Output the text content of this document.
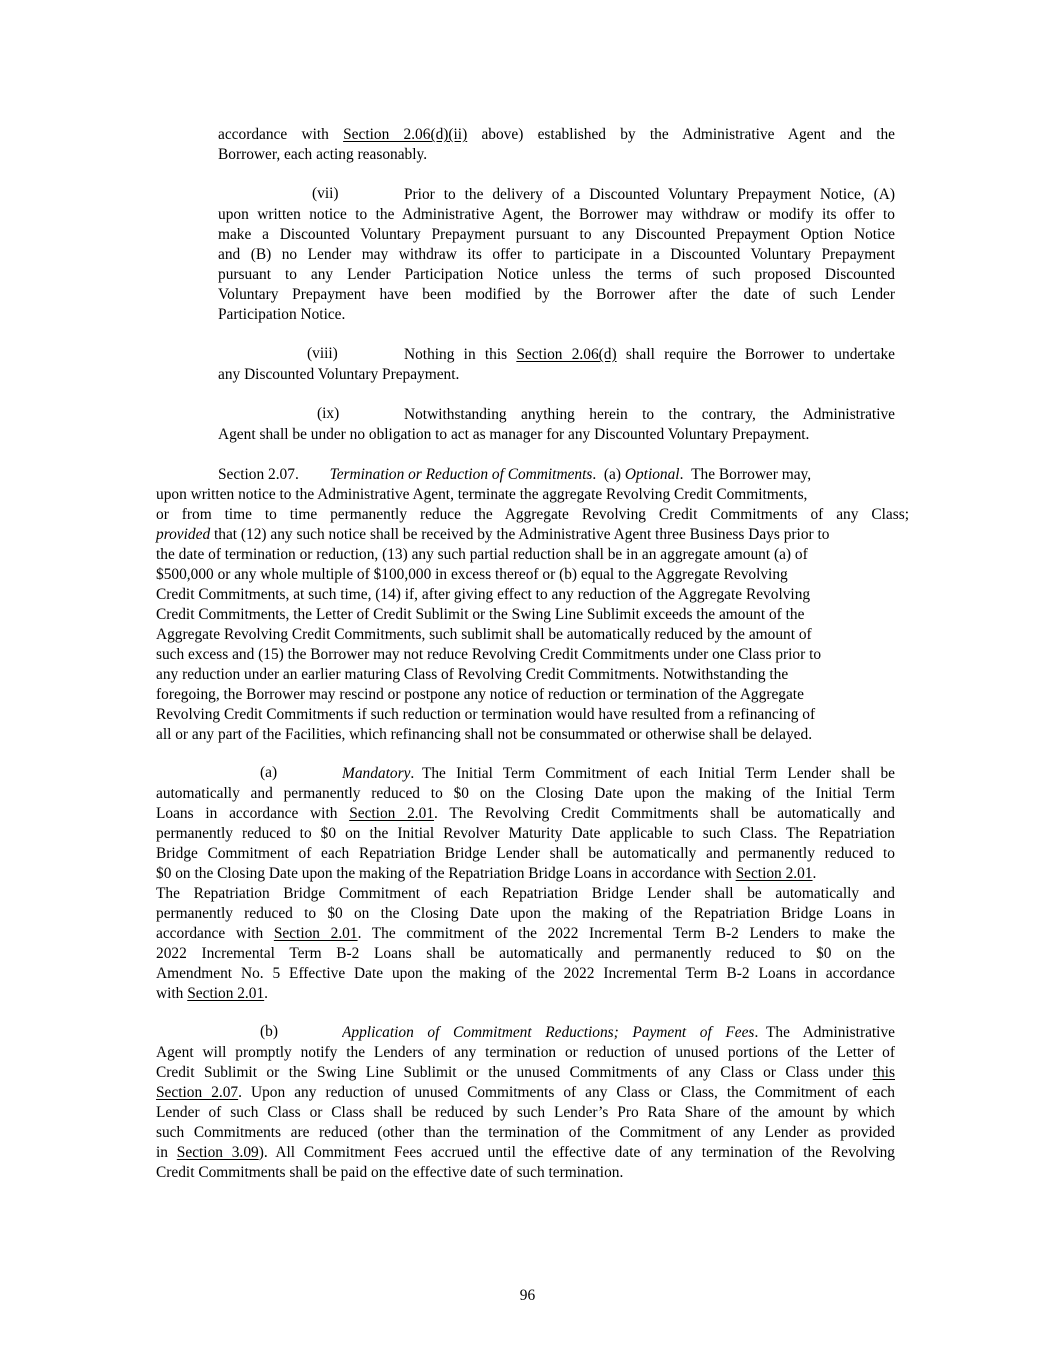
accordance with Section 2.06(d)(ii) above) established by the Administrative Agent and the
Borrower, each acting reasonably.
(vii)	Prior to the delivery of a Discounted Voluntary Prepayment Notice, (A)
upon written notice to the Administrative Agent, the Borrower may withdraw or modify its offer to
make a Discounted Voluntary Prepayment pursuant to any Discounted Prepayment Option Notice
and (B) no Lender may withdraw its offer to participate in a Discounted Voluntary Prepayment
pursuant to any Lender Participation Notice unless the terms of such proposed Discounted
Voluntary Prepayment have been modified by the Borrower after the date of such Lender
Participation Notice.
(viii)	Nothing in this Section 2.06(d) shall require the Borrower to undertake
any Discounted Voluntary Prepayment.
(ix)	Notwithstanding anything herein to the contrary, the Administrative
Agent shall be under no obligation to act as manager for any Discounted Voluntary Prepayment.
Section 2.07.  Termination or Reduction of Commitments. (a) Optional. The Borrower may,
upon written notice to the Administrative Agent, terminate the aggregate Revolving Credit Commitments,
or from time to time permanently reduce the Aggregate Revolving Credit Commitments of any Class;
provided that (12) any such notice shall be received by the Administrative Agent three Business Days prior to
the date of termination or reduction, (13) any such partial reduction shall be in an aggregate amount (a) of
$500,000 or any whole multiple of $100,000 in excess thereof or (b) equal to the Aggregate Revolving
Credit Commitments, at such time, (14) if, after giving effect to any reduction of the Aggregate Revolving
Credit Commitments, the Letter of Credit Sublimit or the Swing Line Sublimit exceeds the amount of the
Aggregate Revolving Credit Commitments, such sublimit shall be automatically reduced by the amount of
such excess and (15) the Borrower may not reduce Revolving Credit Commitments under one Class prior to
any reduction under an earlier maturing Class of Revolving Credit Commitments. Notwithstanding the
foregoing, the Borrower may rescind or postpone any notice of reduction or termination of the Aggregate
Revolving Credit Commitments if such reduction or termination would have resulted from a refinancing of
all or any part of the Facilities, which refinancing shall not be consummated or otherwise shall be delayed.
(a)	Mandatory. The Initial Term Commitment of each Initial Term Lender shall be
automatically and permanently reduced to $0 on the Closing Date upon the making of the Initial Term
Loans in accordance with Section 2.01. The Revolving Credit Commitments shall be automatically and
permanently reduced to $0 on the Initial Revolver Maturity Date applicable to such Class. The Repatriation
Bridge Commitment of each Repatriation Bridge Lender shall be automatically and permanently reduced to
$0 on the Closing Date upon the making of the Repatriation Bridge Loans in accordance with Section 2.01.
The Repatriation Bridge Commitment of each Repatriation Bridge Lender shall be automatically and
permanently reduced to $0 on the Closing Date upon the making of the Repatriation Bridge Loans in
accordance with Section 2.01. The commitment of the 2022 Incremental Term B-2 Lenders to make the
2022 Incremental Term B-2 Loans shall be automatically and permanently reduced to $0 on the
Amendment No. 5 Effective Date upon the making of the 2022 Incremental Term B-2 Loans in accordance
with Section 2.01.
(b)	Application of Commitment Reductions; Payment of Fees. The Administrative
Agent will promptly notify the Lenders of any termination or reduction of unused portions of the Letter of
Credit Sublimit or the Swing Line Sublimit or the unused Commitments of any Class or Class under this
Section 2.07. Upon any reduction of unused Commitments of any Class or Class, the Commitment of each
Lender of such Class or Class shall be reduced by such Lender’s Pro Rata Share of the amount by which
such Commitments are reduced (other than the termination of the Commitment of any Lender as provided
in Section 3.09). All Commitment Fees accrued until the effective date of any termination of the Revolving
Credit Commitments shall be paid on the effective date of such termination.
96
